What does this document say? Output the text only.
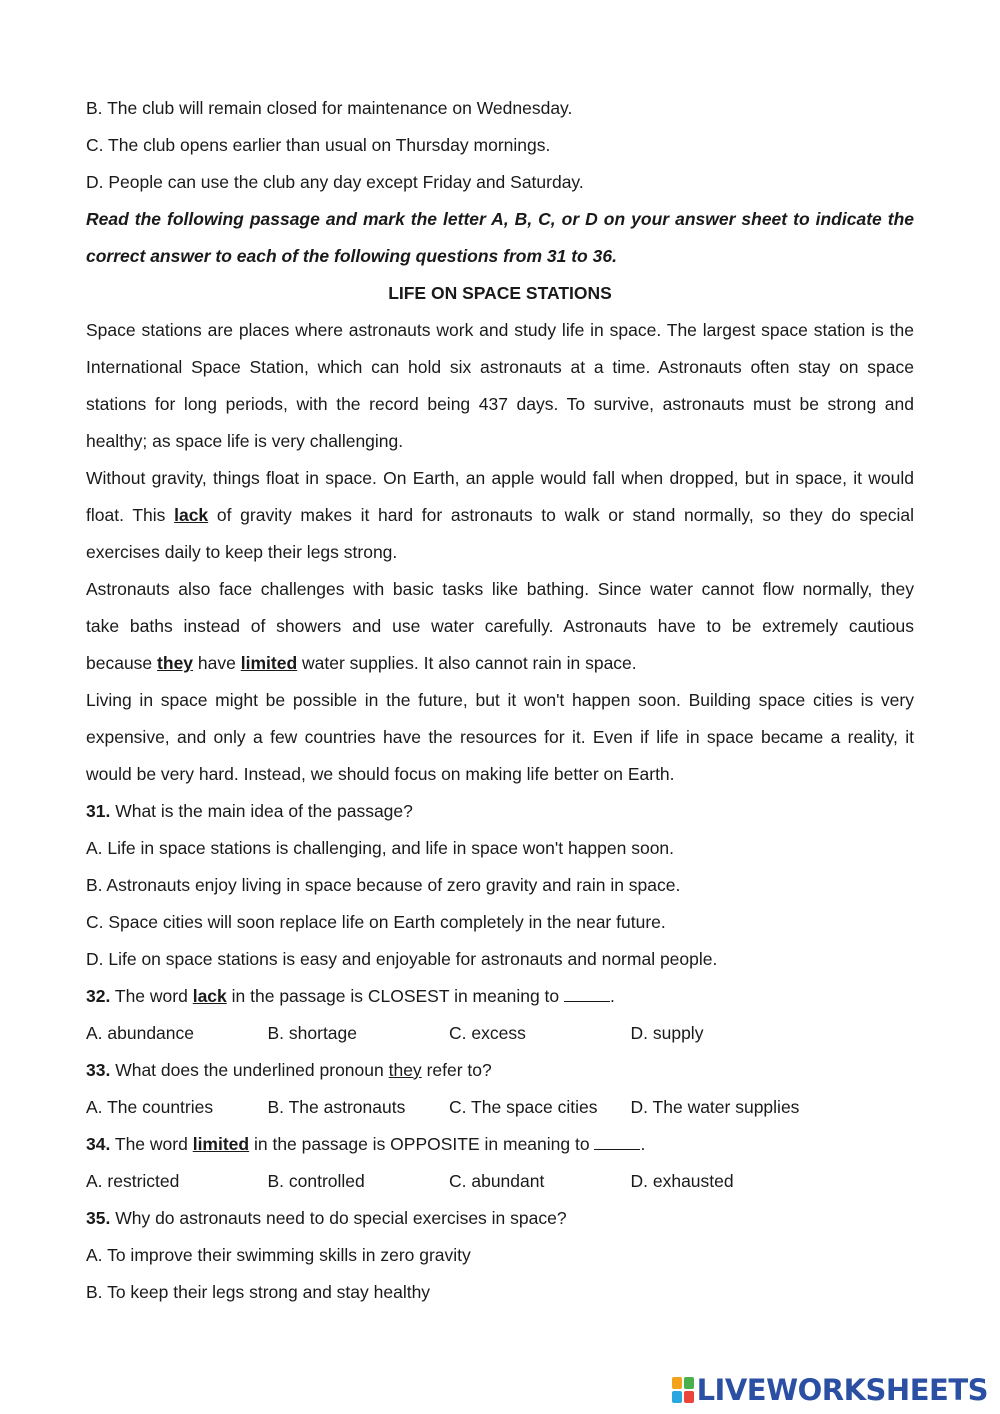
B. The club will remain closed for maintenance on Wednesday.
C. The club opens earlier than usual on Thursday mornings.
D. People can use the club any day except Friday and Saturday.
Read the following passage and mark the letter A, B, C, or D on your answer sheet to indicate the
correct answer to each of the following questions from 31 to 36.
LIFE ON SPACE STATIONS
Space stations are places where astronauts work and study life in space. The largest space station is the
International Space Station, which can hold six astronauts at a time. Astronauts often stay on space
stations for long periods, with the record being 437 days. To survive, astronauts must be strong and
healthy; as space life is very challenging.
Without gravity, things float in space. On Earth, an apple would fall when dropped, but in space, it would
float. This lack of gravity makes it hard for astronauts to walk or stand normally, so they do special
exercises daily to keep their legs strong.
Astronauts also face challenges with basic tasks like bathing. Since water cannot flow normally, they
take baths instead of showers and use water carefully. Astronauts have to be extremely cautious
because they have limited water supplies. It also cannot rain in space.
Living in space might be possible in the future, but it won't happen soon. Building space cities is very
expensive, and only a few countries have the resources for it. Even if life in space became a reality, it
would be very hard. Instead, we should focus on making life better on Earth.
31. What is the main idea of the passage?
A. Life in space stations is challenging, and life in space won't happen soon.
B. Astronauts enjoy living in space because of zero gravity and rain in space.
C. Space cities will soon replace life on Earth completely in the near future.
D. Life on space stations is easy and enjoyable for astronauts and normal people.
32. The word lack in the passage is CLOSEST in meaning to	.
A. abundance	B. shortage	C. excess	D. supply
33. What does the underlined pronoun they refer to?
A. The countries	B. The astronauts	C. The space cities	D. The water supplies
34. The word limited in the passage is OPPOSITE in meaning to	.
A. restricted	B. controlled	C. abundant	D. exhausted
35. Why do astronauts need to do special exercises in space?
A. To improve their swimming skills in zero gravity
B. To keep their legs strong and stay healthy
LIVEWORKSHEETS
